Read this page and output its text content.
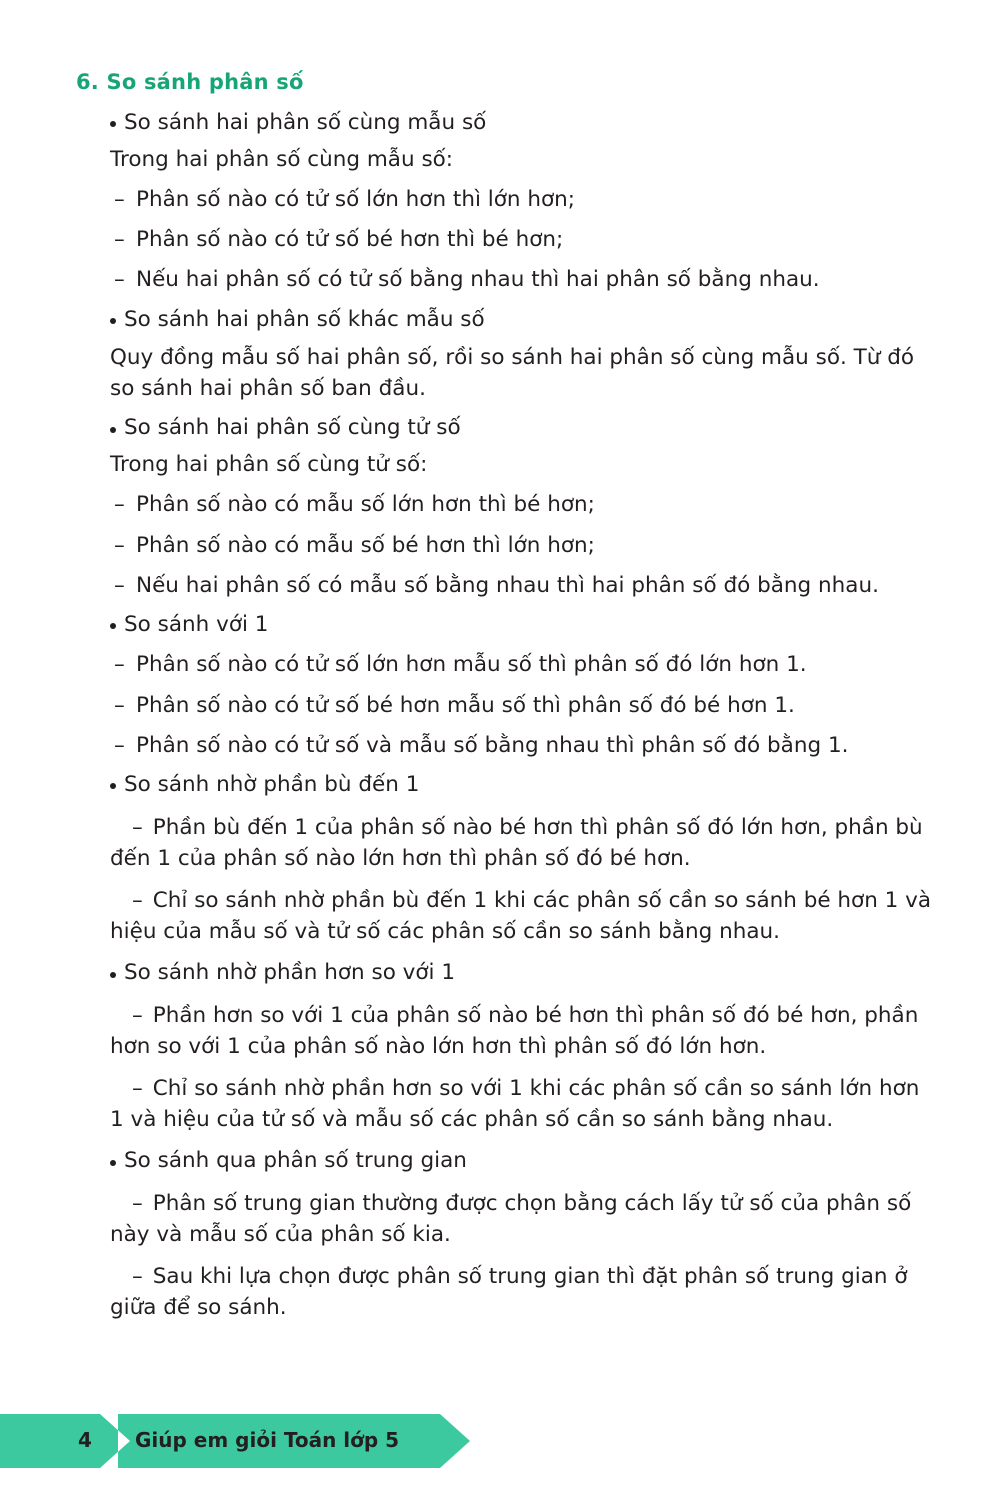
6. So sánh phân số
So sánh hai phân số cùng mẫu số
Trong hai phân số cùng mẫu số:
– Phân số nào có tử số lớn hơn thì lớn hơn;
– Phân số nào có tử số bé hơn thì bé hơn;
– Nếu hai phân số có tử số bằng nhau thì hai phân số bằng nhau.
So sánh hai phân số khác mẫu số
Quy đồng mẫu số hai phân số, rồi so sánh hai phân số cùng mẫu số. Từ đó so sánh hai phân số ban đầu.
So sánh hai phân số cùng tử số
Trong hai phân số cùng tử số:
– Phân số nào có mẫu số lớn hơn thì bé hơn;
– Phân số nào có mẫu số bé hơn thì lớn hơn;
– Nếu hai phân số có mẫu số bằng nhau thì hai phân số đó bằng nhau.
So sánh với 1
– Phân số nào có tử số lớn hơn mẫu số thì phân số đó lớn hơn 1.
– Phân số nào có tử số bé hơn mẫu số thì phân số đó bé hơn 1.
– Phân số nào có tử số và mẫu số bằng nhau thì phân số đó bằng 1.
So sánh nhờ phần bù đến 1
– Phần bù đến 1 của phân số nào bé hơn thì phân số đó lớn hơn, phần bù đến 1 của phân số nào lớn hơn thì phân số đó bé hơn.
– Chỉ so sánh nhờ phần bù đến 1 khi các phân số cần so sánh bé hơn 1 và hiệu của mẫu số và tử số các phân số cần so sánh bằng nhau.
So sánh nhờ phần hơn so với 1
– Phần hơn so với 1 của phân số nào bé hơn thì phân số đó bé hơn, phần hơn so với 1 của phân số nào lớn hơn thì phân số đó lớn hơn.
– Chỉ so sánh nhờ phần hơn so với 1 khi các phân số cần so sánh lớn hơn 1 và hiệu của tử số và mẫu số các phân số cần so sánh bằng nhau.
So sánh qua phân số trung gian
– Phân số trung gian thường được chọn bằng cách lấy tử số của phân số này và mẫu số của phân số kia.
– Sau khi lựa chọn được phân số trung gian thì đặt phân số trung gian ở giữa để so sánh.
4 Giúp em giỏi Toán lớp 5
